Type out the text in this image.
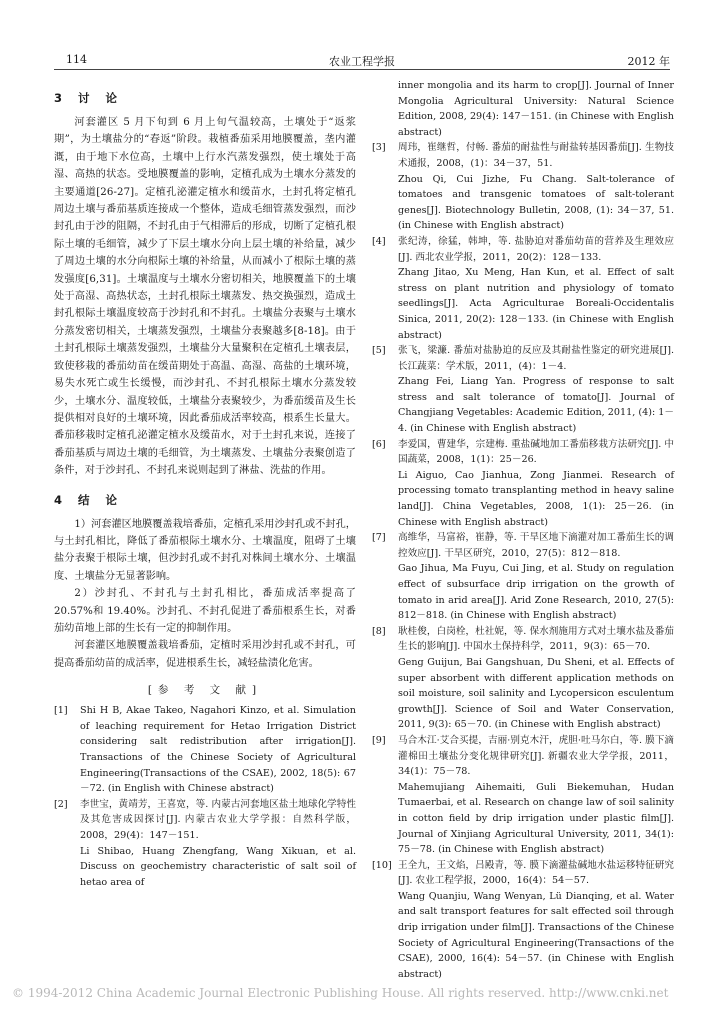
114	农业工程学报	2012 年
3 讨 论

河套灌区 5 月下旬到 6 月上旬气温较高，土壤处于“返浆期”，为土壤盐分的“春返”阶段。栽植番茄采用地膜覆盖，垄内灌溉，由于地下水位高，土壤中上行水汽蒸发强烈，使土壤处于高湿、高热的状态。受地膜覆盖的影响，定植孔成为土壤水分蒸发的主要通道[26-27]。定植孔泌灌定植水和缓苗水，土封孔将定植孔周边土壤与番茄基质连接成一个整体，造成毛细管蒸发强烈，而沙封孔由于沙的阻隔，不封孔由于气相滞后的形成，切断了定植孔根际土壤的毛细管，减少了下层土壤水分向上层土壤的补给量，减少了周边土壤的水分向根际土壤的补给量，从而减小了根际土壤的蒸发强度[6,31]。土壤温度与土壤水分密切相关，地膜覆盖下的土壤处于高湿、高热状态，土封孔根际土壤蒸发、热交换强烈，造成土封孔根际土壤温度较高于沙封孔和不封孔。土壤盐分表聚与土壤水分蒸发密切相关，土壤蒸发强烈，土壤盐分表聚越多[8-18]。由于土封孔根际土壤蒸发强烈，土壤盐分大量聚积在定植孔土壤表层，致使移栽的番茄幼苗在缓苗期处于高温、高湿、高盐的土壤环境，易失水死亡或生长缓慢，而沙封孔、不封孔根际土壤水分蒸发较少，土壤水分、温度较低，土壤盐分表聚较少，为番茄缓苗及生长提供相对良好的土壤环境，因此番茄成活率较高，根系生长量大。番茄移栽时定植孔泌灌定植水及缓苗水，对于土封孔来说，连接了番茄基质与周边土壤的毛细管，为土壤蒸发、土壤盐分表聚创造了条件，对于沙封孔、不封孔来说则起到了淋盐、洗盐的作用。

4 结 论

1）河套灌区地膜覆盖栽培番茄，定植孔采用沙封孔或不封孔，与土封孔相比，降低了番茄根际土壤水分、土壤温度，阻碍了土壤盐分表聚于根际土壤，但沙封孔或不封孔对株间土壤水分、土壤温度、土壤盐分无显著影响。

2）沙封孔、不封孔与土封孔相比，番茄成活率提高了 20.57%和 19.40%。沙封孔、不封孔促进了番茄根系生长，对番茄幼苗地上部的生长有一定的抑制作用。

河套灌区地膜覆盖栽培番茄，定植时采用沙封孔或不封孔，可提高番茄幼苗的成活率，促进根系生长，减轻盐渍化危害。

[参 考 文 献]

[1] Shi H B, Akae Takeo, Nagahori Kinzo, et al. Simulation of leaching requirement for Hetao Irrigation District considering salt redistribution after irrigation[J]. Transactions of the Chinese Society of Agricultural Engineering(Transactions of the CSAE), 2002, 18(5): 67－72. (in English with Chinese abstract)

[2] 李世宝，黄靖芳，王喜宽，等. 内蒙古河套地区盐土地球化学特性及其危害成因探讨[J]. 内蒙古农业大学学报：自然科学版，2008，29(4)：147－151.
Li Shibao, Huang Zhengfang, Wang Xikuan, et al. Discuss on geochemistry characteristic of salt soil of hetao area of

inner mongolia and its harm to crop[J]. Journal of Inner Mongolia Agricultural University: Natural Science Edition, 2008, 29(4): 147－151. (in Chinese with English abstract)

[3] 周玮，崔继哲，付畅. 番茄的耐盐性与耐盐转基因番茄[J]. 生物技术通报，2008，(1)：34－37，51.
Zhou Qi, Cui Jizhe, Fu Chang. Salt-tolerance of tomatoes and transgenic tomatoes of salt-tolerant genes[J]. Biotechnology Bulletin, 2008, (1): 34－37, 51. (in Chinese with English abstract)

[4] 张纪涛，徐猛，韩坤，等. 盐胁迫对番茄幼苗的营养及生理效应[J]. 西北农业学报，2011，20(2)：128－133.
Zhang Jitao, Xu Meng, Han Kun, et al. Effect of salt stress on plant nutrition and physiology of tomato seedlings[J]. Acta Agriculturae Boreali-Occidentalis Sinica, 2011, 20(2): 128－133. (in Chinese with English abstract)

[5] 张飞，梁濂. 番茄对盐胁迫的反应及其耐盐性鉴定的研究进展[J]. 长江蔬菜：学术版，2011，(4)：1－4.
Zhang Fei, Liang Yan. Progress of response to salt stress and salt tolerance of tomato[J]. Journal of Changjiang Vegetables: Academic Edition, 2011, (4): 1－4. (in Chinese with English abstract)

[6] 李爱国，曹建华，宗建梅. 重盐碱地加工番茄移栽方法研究[J]. 中国蔬菜，2008，1(1)：25－26.
Li Aiguo, Cao Jianhua, Zong Jianmei. Research of processing tomato transplanting method in heavy saline land[J]. China Vegetables, 2008, 1(1): 25－26. (in Chinese with English abstract)

[7] 高维华，马富裕，崔静，等. 干旱区地下滴灌对加工番茄生长的调控效应[J]. 干旱区研究，2010，27(5)：812－818.
Gao Jihua, Ma Fuyu, Cui Jing, et al. Study on regulation effect of subsurface drip irrigation on the growth of tomato in arid area[J]. Arid Zone Research, 2010, 27(5): 812－818. (in Chinese with English abstract)

[8] 耿桂俊，白岗栓，杜社妮，等. 保水剂施用方式对土壤水盐及番茄生长的影响[J]. 中国水土保持科学，2011，9(3)：65－70.
Geng Guijun, Bai Gangshuan, Du Sheni, et al. Effects of super absorbent with different application methods on soil moisture, soil salinity and Lycopersicon esculentum growth[J]. Science of Soil and Water Conservation, 2011, 9(3): 65－70. (in Chinese with English abstract)

[9] 马合木江·艾合买提，吉丽·别克木汗，虎胆·吐马尔白，等. 膜下滴灌棉田土壤盐分变化规律研究[J]. 新疆农业大学学报，2011，34(1)：75－78.
Mahemujiang Aihemaiti, Guli Biekemuhan, Hudan Tumaerbai, et al. Research on change law of soil salinity in cotton field by drip irrigation under plastic film[J]. Journal of Xinjiang Agricultural University, 2011, 34(1): 75－78. (in Chinese with English abstract)

[10] 王全九，王文焰，吕殿青，等. 膜下滴灌盐碱地水盐运移特征研究[J]. 农业工程学报，2000，16(4)：54－57.
Wang Quanjiu, Wang Wenyan, Lü Dianqing, et al. Water and salt transport features for salt effected soil through drip irrigation under film[J]. Transactions of the Chinese Society of Agricultural Engineering(Transactions of the CSAE), 2000, 16(4): 54－57. (in Chinese with English abstract)

© 1994-2012 China Academic Journal Electronic Publishing House. All rights reserved. http://www.cnki.net
